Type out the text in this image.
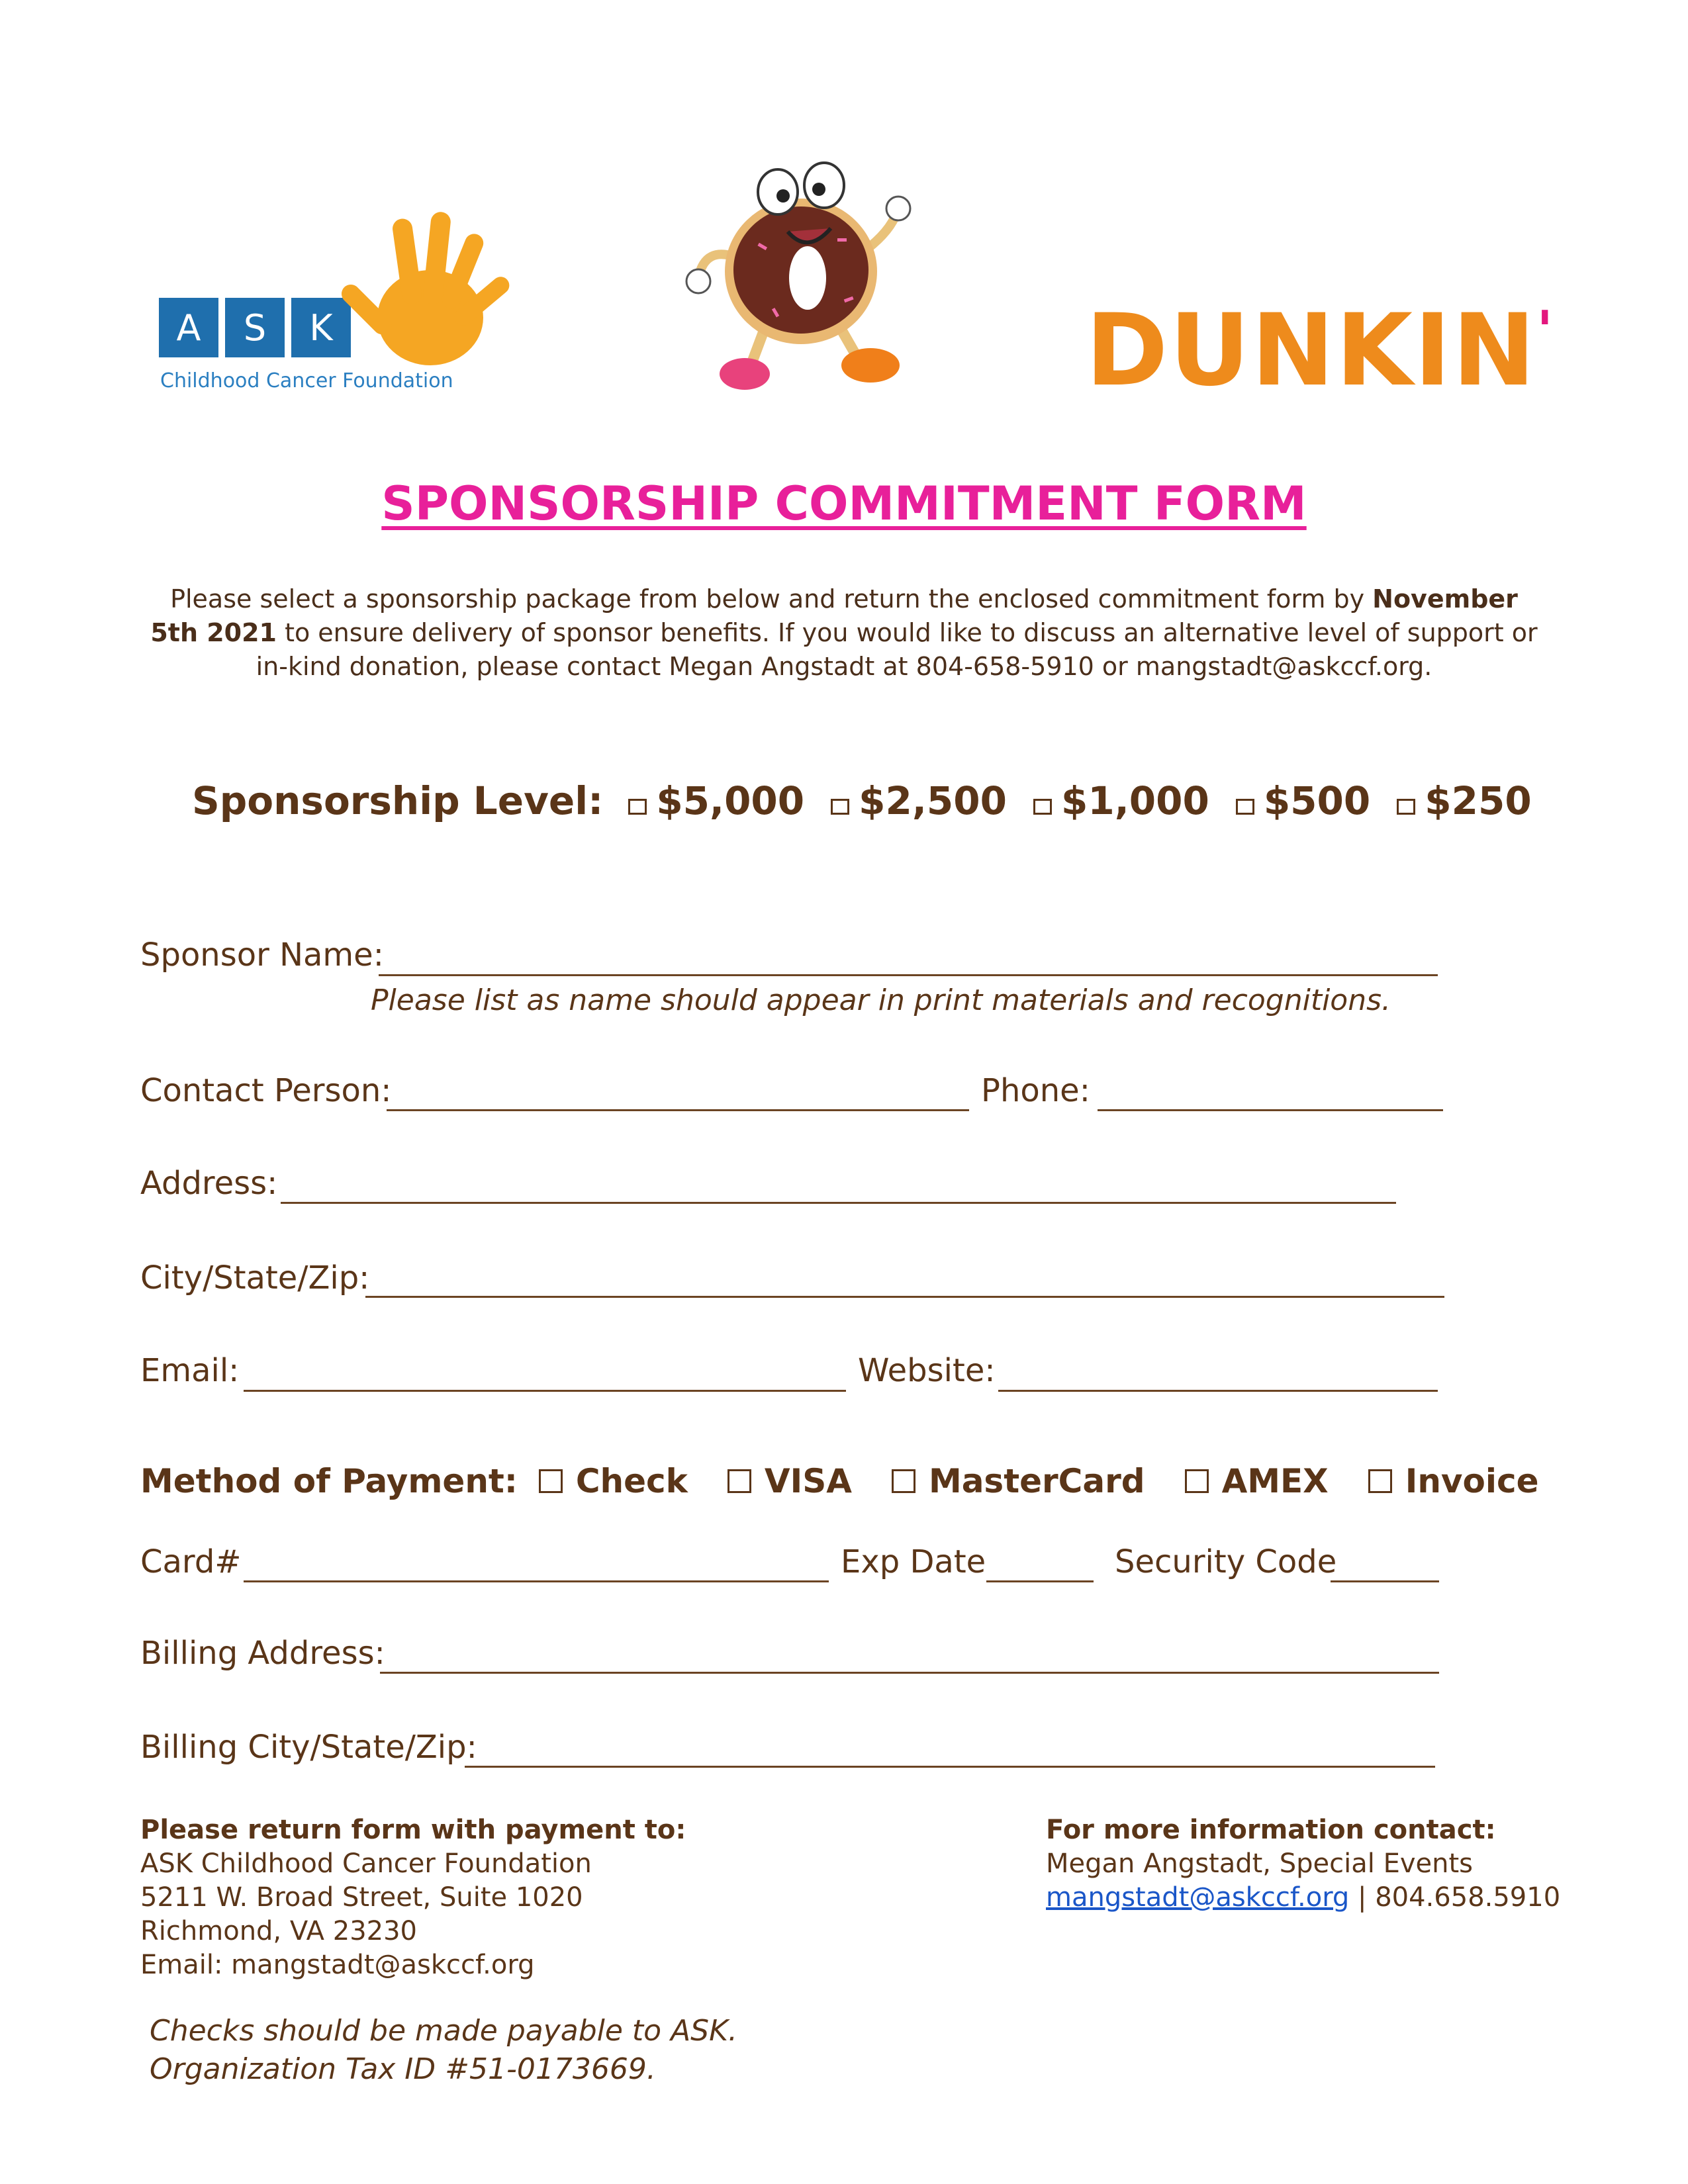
A	S	K
Childhood Cancer Foundation	DUNKIN'
SPONSORSHIP COMMITMENT FORM
Please select a sponsorship package from below and return the enclosed commitment form by November 5th 2021 to ensure delivery of sponsor benefits. If you would like to discuss an alternative level of support or in-kind donation, please contact Megan Angstadt at 804-658-5910 or mangstadt@askccf.org.
Sponsorship Level: $5,000 $2,500 $1,000 $500 $250
Sponsor Name:
Please list as name should appear in print materials and recognitions.
Contact Person:	Phone:
Address:
City/State/Zip:
Email:	Website:
Method of Payment: Check VISA MasterCard AMEX Invoice
Card#	Exp Date	Security Code
Billing Address:
Billing City/State/Zip:
Please return form with payment to:
ASK Childhood Cancer Foundation
5211 W. Broad Street, Suite 1020
Richmond, VA 23230
Email: mangstadt@askccf.org
For more information contact:
Megan Angstadt, Special Events
mangstadt@askccf.org | 804.658.5910
Checks should be made payable to ASK.
Organization Tax ID #51-0173669.
